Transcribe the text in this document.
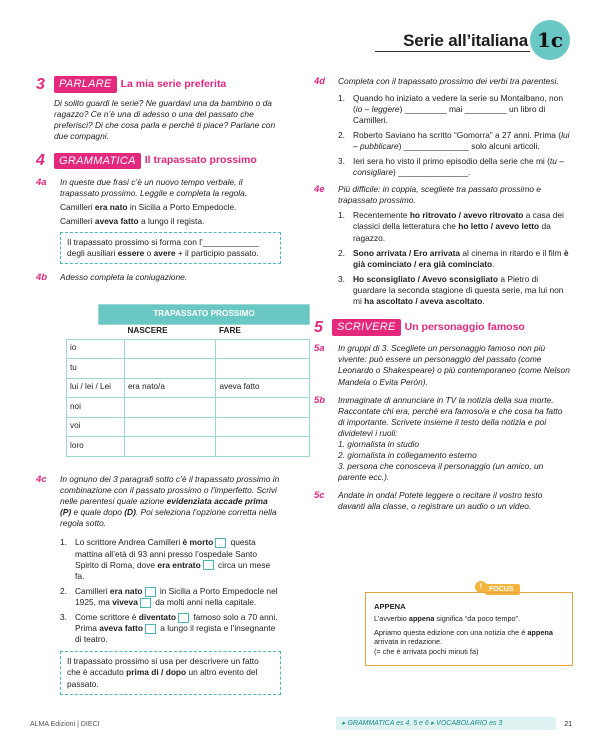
Serie all’italiana 1c
3	PARLARE La mia serie preferita

Di solito guardi le serie? Ne guardavi una da bambino o da ragazzo? Ce n’è una di adesso o una del passato che preferisci? Di che cosa parla e perché ti piace? Parlane con due compagni.

4	GRAMMATICA Il trapassato prossimo
4a	In queste due frasi c’è un nuovo tempo verbale, il trapassato prossimo. Leggile e completa la regola.

Camilleri era nato in Sicilia a Porto Empedocle.

Camilleri aveva fatto a lungo il regista.

Il trapassato prossimo si forma con l’____________ degli ausiliari essere o avere + il participio passato.
4b	Adesso completa la coniugazione.
TRAPASSATO PROSSIMO
	NASCERE	FARE
io		
tu		
lui / lei / Lei	era nato/a	aveva fatto
noi		
voi		
loro		
4c	In ognuno dei 3 paragrafi sotto c’è il trapassato prossimo in combinazione con il passato prossimo o l’imperfetto. Scrivi nelle parentesi quale azione evidenziata accade prima (P) e quale dopo (D). Poi seleziona l’opzione corretta nella regola sotto.
1. Lo scrittore Andrea Camilleri è morto questa mattina all’età di 93 anni presso l’ospedale Santo Spirito di Roma, dove era entrato circa un mese fa.
2. Camilleri era nato in Sicilia a Porto Empedocle nel 1925, ma viveva da molti anni nella capitale.
3. Come scrittore è diventato famoso solo a 70 anni. Prima aveva fatto a lungo il regista e l’insegnante di teatro.
Il trapassato prossimo si usa per descrivere un fatto che è accaduto prima di / dopo un altro evento del passato.
4d	Completa con il trapassato prossimo dei verbi tra parentesi.
1. Quando ho iniziato a vedere la serie su Montalbano, non (io – leggere) _________ mai _________ un libro di Camilleri.
2. Roberto Saviano ha scritto “Gomorra” a 27 anni. Prima (lui – pubblicare) ______________ solo alcuni articoli.
3. Ieri sera ho visto il primo episodio della serie che mi (tu – consigliare) _______________.
4e	Più difficile: in coppia, scegliete tra passato prossimo e trapassato prossimo.
1. Recentemente ho ritrovato / avevo ritrovato a casa dei classici della letteratura che ho letto / avevo letto da ragazzo.
2. Sono arrivata / Ero arrivata al cinema in ritardo e il film è già cominciato / era già cominciato.
3. Ho sconsigliato / Avevo sconsigliato a Pietro di guardare la seconda stagione di questa serie, ma lui non mi ha ascoltato / aveva ascoltato.
5	SCRIVERE Un personaggio famoso
5a	In gruppi di 3. Scegliete un personaggio famoso non più vivente: può essere un personaggio del passato (come Leonardo o Shakespeare) o più contemporaneo (come Nelson Mandela o Evita Perón).
5b	Immaginate di annunciare in TV la notizia della sua morte. Raccontate chi era, perché era famoso/a e che cosa ha fatto di importante. Scrivete insieme il testo della notizia e poi dividetevi i ruoli:
1. giornalista in studio
2. giornalista in collegamento esterno
3. persona che conosceva il personaggio (un amico, un parente ecc.).
5c	Andate in onda! Potete leggere o recitare il vostro testo davanti alla classe, o registrare un audio o un video.
! FOCUS
APPENA
L’avverbio appena significa “da poco tempo”.
Apriamo questa edizione con una notizia che è appena arrivata in redazione.
(= che è arrivata pochi minuti fa)
ALMA Edizioni | DIECI	▸ GRAMMATICA es 4, 5 e 6 ▸ VOCABOLARIO es 3	21
